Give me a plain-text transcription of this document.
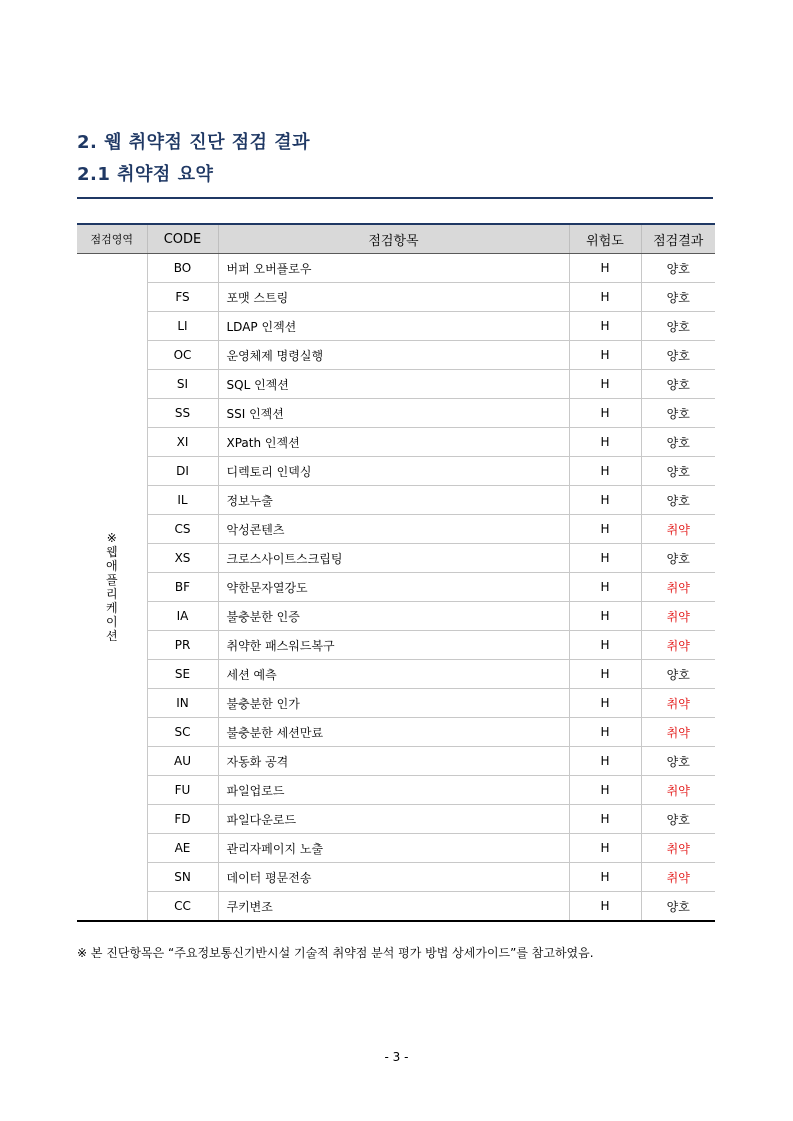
2. 웹 취약점 진단 점검 결과
2.1 취약점 요약
점검영역	CODE	점검항목	위험도	점검결과
※웹 애플리케이션	BO	버퍼 오버플로우	H	양호
	FS	포맷 스트링	H	양호
	LI	LDAP 인젝션	H	양호
	OC	운영체제 명령실행	H	양호
	SI	SQL 인젝션	H	양호
	SS	SSI 인젝션	H	양호
	XI	XPath 인젝션	H	양호
	DI	디렉토리 인덱싱	H	양호
	IL	정보누출	H	양호
	CS	악성콘텐츠	H	취약
	XS	크로스사이트스크립팅	H	양호
	BF	약한문자열강도	H	취약
	IA	불충분한 인증	H	취약
	PR	취약한 패스워드복구	H	취약
	SE	세션 예측	H	양호
	IN	불충분한 인가	H	취약
	SC	불충분한 세션만료	H	취약
	AU	자동화 공격	H	양호
	FU	파일업로드	H	취약
	FD	파일다운로드	H	양호
	AE	관리자페이지 노출	H	취약
	SN	데이터 평문전송	H	취약
	CC	쿠키변조	H	양호
※ 본 진단항목은 “주요정보통신기반시설 기술적 취약점 분석 평가 방법 상세가이드”를 참고하였음.
- 3 -
